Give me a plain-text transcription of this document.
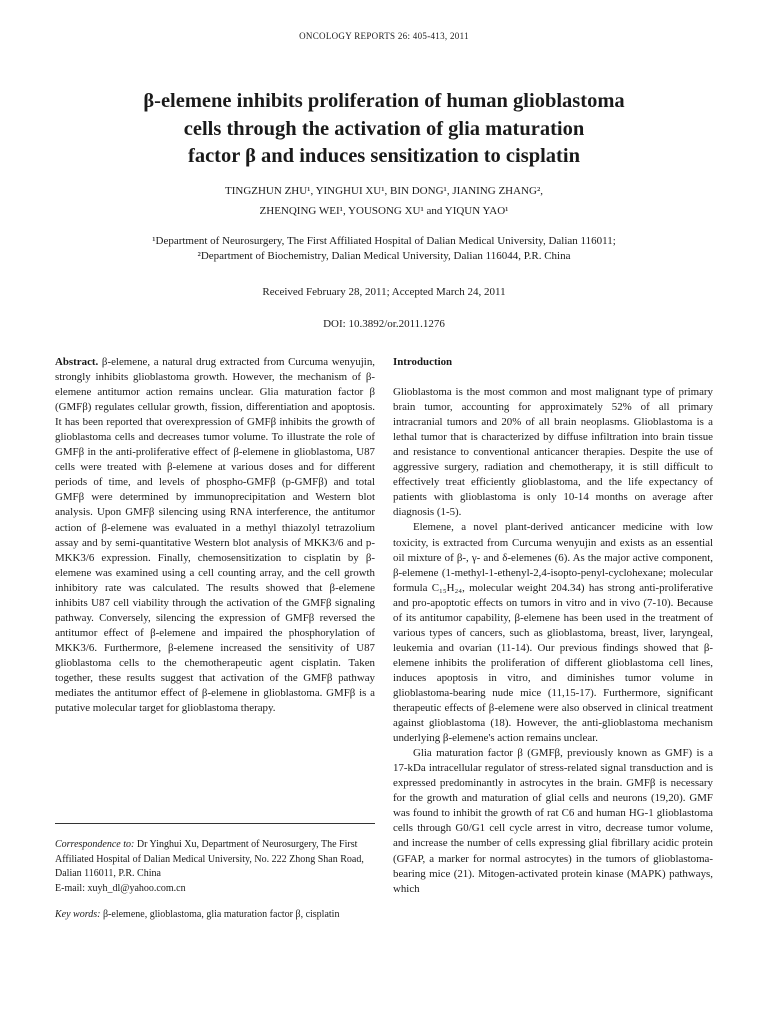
ONCOLOGY REPORTS 26: 405-413, 2011
β-elemene inhibits proliferation of human glioblastoma
cells through the activation of glia maturation
factor β and induces sensitization to cisplatin
TINGZHUN ZHU¹, YINGHUI XU¹, BIN DONG¹, JIANING ZHANG²,
ZHENQING WEI¹, YOUSONG XU¹ and YIQUN YAO¹
¹Department of Neurosurgery, The First Affiliated Hospital of Dalian Medical University, Dalian 116011;
²Department of Biochemistry, Dalian Medical University, Dalian 116044, P.R. China
Received February 28, 2011; Accepted March 24, 2011
DOI: 10.3892/or.2011.1276

Abstract. β-elemene, a natural drug extracted from Curcuma wenyujin, strongly inhibits glioblastoma growth. However, the mechanism of β-elemene antitumor action remains unclear. Glia maturation factor β (GMFβ) regulates cellular growth, fission, differentiation and apoptosis. It has been reported that overexpression of GMFβ inhibits the growth of glioblastoma cells and decreases tumor volume. To illustrate the role of GMFβ in the anti-proliferative effect of β-elemene in glioblastoma, U87 cells were treated with β-elemene at various doses and for different periods of time, and levels of phospho-GMFβ (p-GMFβ) and total GMFβ were determined by immunoprecipitation and Western blot analysis. Upon GMFβ silencing using RNA interference, the antitumor action of β-elemene was evaluated in a methyl thiazolyl tetrazolium assay and by semi-quantitative Western blot analysis of MKK3/6 and p-MKK3/6 expression. Finally, chemosensitization to cisplatin by β-elemene was examined using a cell counting array, and the cell growth inhibitory rate was calculated. The results showed that β-elemene inhibits U87 cell viability through the activation of the GMFβ signaling pathway. Conversely, silencing the expression of GMFβ reversed the antitumor effect of β-elemene and impaired the phosphorylation of MKK3/6. Furthermore, β-elemene increased the sensitivity of U87 glioblastoma cells to the chemotherapeutic agent cisplatin. Taken together, these results suggest that activation of the GMFβ pathway mediates the antitumor effect of β-elemene in glioblastoma. GMFβ is a putative molecular target for glioblastoma therapy.

Correspondence to: Dr Yinghui Xu, Department of Neurosurgery, The First Affiliated Hospital of Dalian Medical University, No. 222 Zhong Shan Road, Dalian 116011, P.R. China

E-mail: xuyh_dl@yahoo.com.cn

Key words: β-elemene, glioblastoma, glia maturation factor β, cisplatin

Introduction

Glioblastoma is the most common and most malignant type of primary brain tumor, accounting for approximately 52% of all primary intracranial tumors and 20% of all brain neoplasms. Glioblastoma is a lethal tumor that is characterized by diffuse infiltration into brain tissue and resistance to conventional anticancer therapies. Despite the use of aggressive surgery, radiation and chemotherapy, it is still difficult to effectively treat efficiently glioblastoma, and the life expectancy of patients with glioblastoma is only 10-14 months on average after diagnosis (1-5).

Elemene, a novel plant-derived anticancer medicine with low toxicity, is extracted from Curcuma wenyujin and exists as an essential oil mixture of β-, γ- and δ-elemenes (6). As the major active component, β-elemene (1-methyl-1-ethenyl-2,4-isopto-penyl-cyclohexane; molecular formula C₁₅H₂₄, molecular weight 204.34) has strong anti-proliferative and pro-apoptotic effects on tumors in vitro and in vivo (7-10). Because of its antitumor capability, β-elemene has been used in the treatment of various types of cancers, such as glioblastoma, breast, liver, laryngeal, leukemia and ovarian (11-14). Our previous findings showed that β-elemene inhibits the proliferation of different glioblastoma cell lines, induces apoptosis in vitro, and diminishes tumor volume in glioblastoma-bearing nude mice (11,15-17). Furthermore, significant therapeutic effects of β-elemene were also observed in clinical treatment against glioblastoma (18). However, the anti-glioblastoma mechanism underlying β-elemene's action remains unclear.

Glia maturation factor β (GMFβ, previously known as GMF) is a 17-kDa intracellular regulator of stress-related signal transduction and is expressed predominantly in astrocytes in the brain. GMFβ is necessary for the growth and maturation of glial cells and neurons (19,20). GMF was found to inhibit the growth of rat C6 and human HG-1 glioblastoma cells through G0/G1 cell cycle arrest in vitro, decrease tumor volume, and increase the number of cells expressing glial fibrillary acidic protein (GFAP, a marker for normal astrocytes) in the tumors of glioblastoma-bearing mice (21). Mitogen-activated protein kinase (MAPK) pathways, which
